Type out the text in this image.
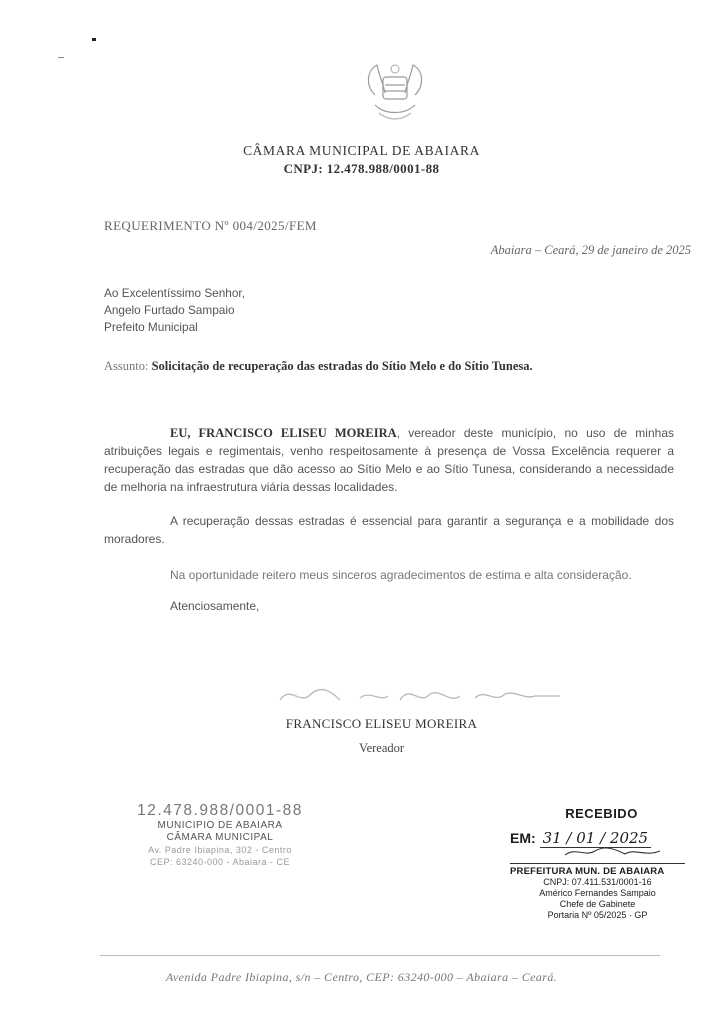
CÂMARA MUNICIPAL DE ABAIARA
CNPJ: 12.478.988/0001-88
REQUERIMENTO Nº 004/2025/FEM
Abaiara – Ceará, 29 de janeiro de 2025
Ao Excelentíssimo Senhor,
Angelo Furtado Sampaio
Prefeito Municipal
Assunto: Solicitação de recuperação das estradas do Sítio Melo e do Sítio Tunesa.
EU, FRANCISCO ELISEU MOREIRA, vereador deste município, no uso de minhas atribuições legais e regimentais, venho respeitosamente à presença de Vossa Excelência requerer a recuperação das estradas que dão acesso ao Sítio Melo e ao Sítio Tunesa, considerando a necessidade de melhoria na infraestrutura viária dessas localidades.
A recuperação dessas estradas é essencial para garantir a segurança e a mobilidade dos moradores.
Na oportunidade reitero meus sinceros agradecimentos de estima e alta consideração.
Atenciosamente,
FRANCISCO ELISEU MOREIRA
Vereador
12.478.988/0001-88
MUNICIPIO DE ABAIARA
CÂMARA MUNICIPAL
Av. Padre Ibiapina, 302 - Centro
CEP: 63240-000 - Abaiara - CE
RECEBIDO
EM: 31 / 01 / 2025
PREFEITURA MUN. DE ABAIARA
CNPJ: 07.411.531/0001-16
Américo Fernandes Sampaio
Chefe de Gabinete
Portaria Nº 05/2025 · GP
Avenida Padre Ibiapina, s/n – Centro, CEP: 63240-000 – Abaiara – Ceará.
